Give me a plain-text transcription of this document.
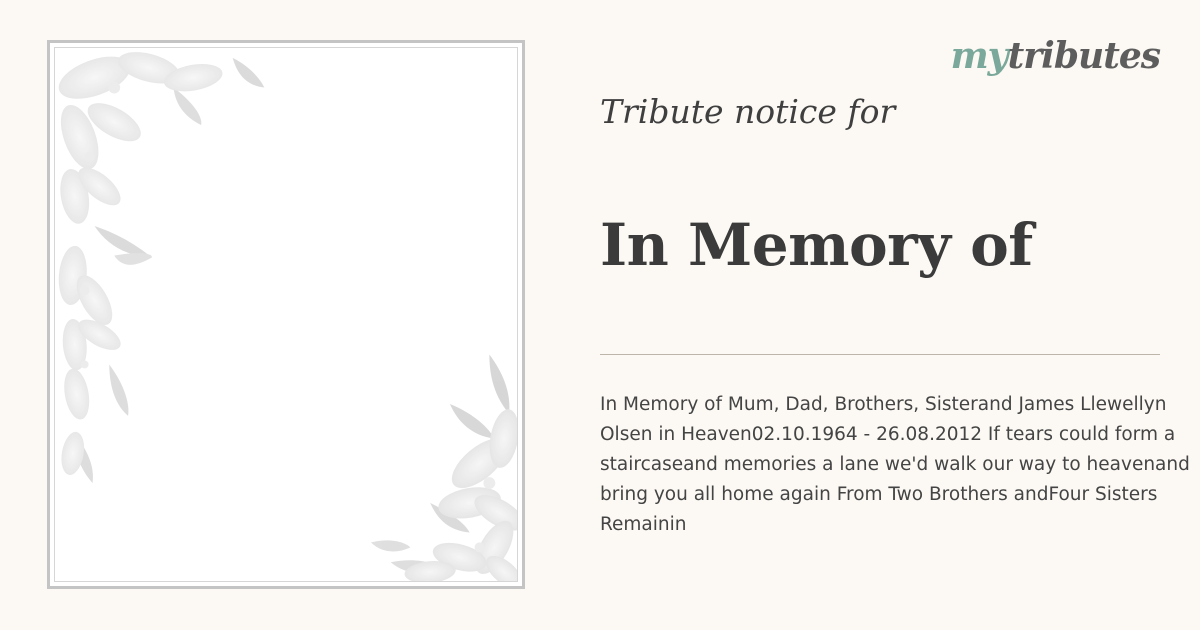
mytributes
Tribute notice for
In Memory of
In Memory of Mum, Dad, Brothers, Sisterand James Llewellyn Olsen in Heaven02.10.1964 - 26.08.2012 If tears could form a staircaseand memories a lane we'd walk our way to heavenand bring you all home again From Two Brothers andFour Sisters Remainin
